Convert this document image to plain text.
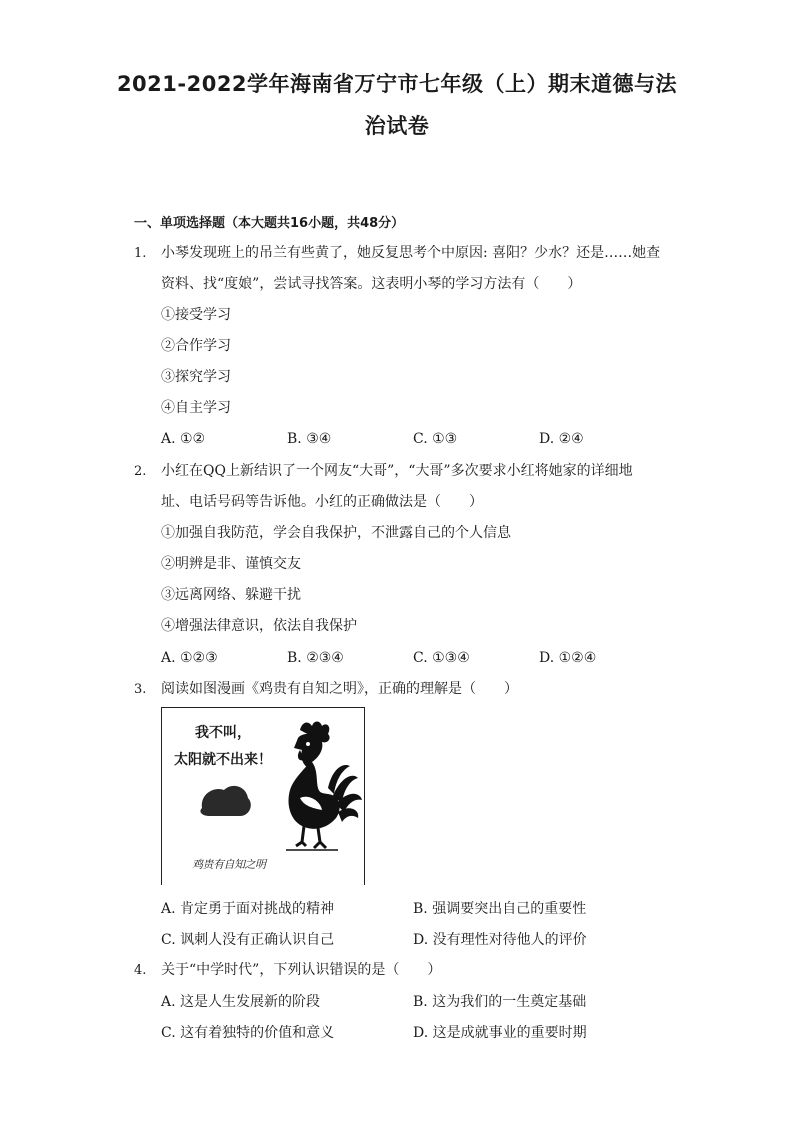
2021-2022学年海南省万宁市七年级（上）期末道德与法
治试卷
一、单项选择题（本大题共16小题，共48分）
1. 小琴发现班上的吊兰有些黄了，她反复思考个中原因: 喜阳？少水？还是……她查
资料、找“度娘”，尝试寻找答案。这表明小琴的学习方法有（　　）
①接受学习
②合作学习
③探究学习
④自主学习
A. ①②	B. ③④	C. ①③	D. ②④
2. 小红在QQ上新结识了一个网友“大哥”，“大哥”多次要求小红将她家的详细地
址、电话号码等告诉他。小红的正确做法是（　　）
①加强自我防范，学会自我保护，不泄露自己的个人信息
②明辨是非、谨慎交友
③远离网络、躲避干扰
④增强法律意识，依法自我保护
A. ①②③	B. ②③④	C. ①③④	D. ①②④
3. 阅读如图漫画《鸡贵有自知之明》，正确的理解是（　　）
我不叫，
太阳就不出来！
鸡贵有自知之明
A. 肯定勇于面对挑战的精神	B. 强调要突出自己的重要性
C. 讽刺人没有正确认识自己	D. 没有理性对待他人的评价
4. 关于“中学时代”，下列认识错误的是（　　）
A. 这是人生发展新的阶段	B. 这为我们的一生奠定基础
C. 这有着独特的价值和意义	D. 这是成就事业的重要时期
